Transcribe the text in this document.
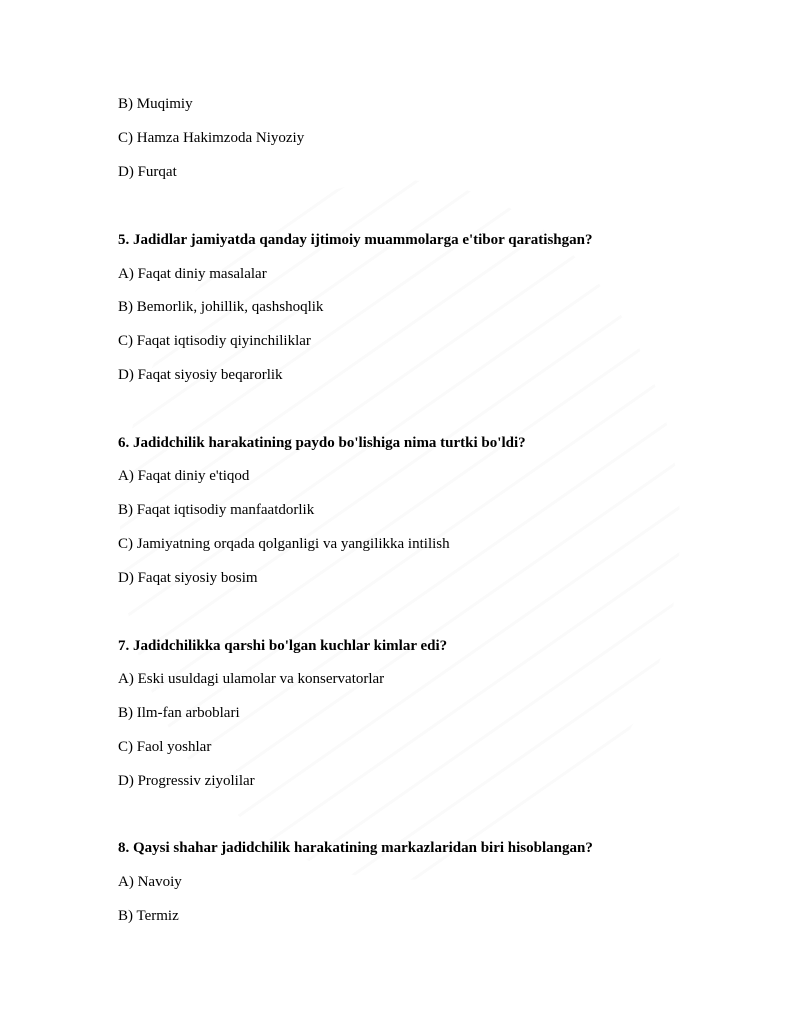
B) Muqimiy
C) Hamza Hakimzoda Niyoziy
D) Furqat
5. Jadidlar jamiyatda qanday ijtimoiy muammolarga e'tibor qaratishgan?
A) Faqat diniy masalalar
B) Bemorlik, johillik, qashshoqlik
C) Faqat iqtisodiy qiyinchiliklar
D) Faqat siyosiy beqarorlik
6. Jadidchilik harakatining paydo bo'lishiga nima turtki bo'ldi?
A) Faqat diniy e'tiqod
B) Faqat iqtisodiy manfaatdorlik
C) Jamiyatning orqada qolganligi va yangilikka intilish
D) Faqat siyosiy bosim
7. Jadidchilikka qarshi bo'lgan kuchlar kimlar edi?
A) Eski usuldagi ulamolar va konservatorlar
B) Ilm-fan arboblari
C) Faol yoshlar
D) Progressiv ziyolilar
8. Qaysi shahar jadidchilik harakatining markazlaridan biri hisoblangan?
A) Navoiy
B) Termiz
